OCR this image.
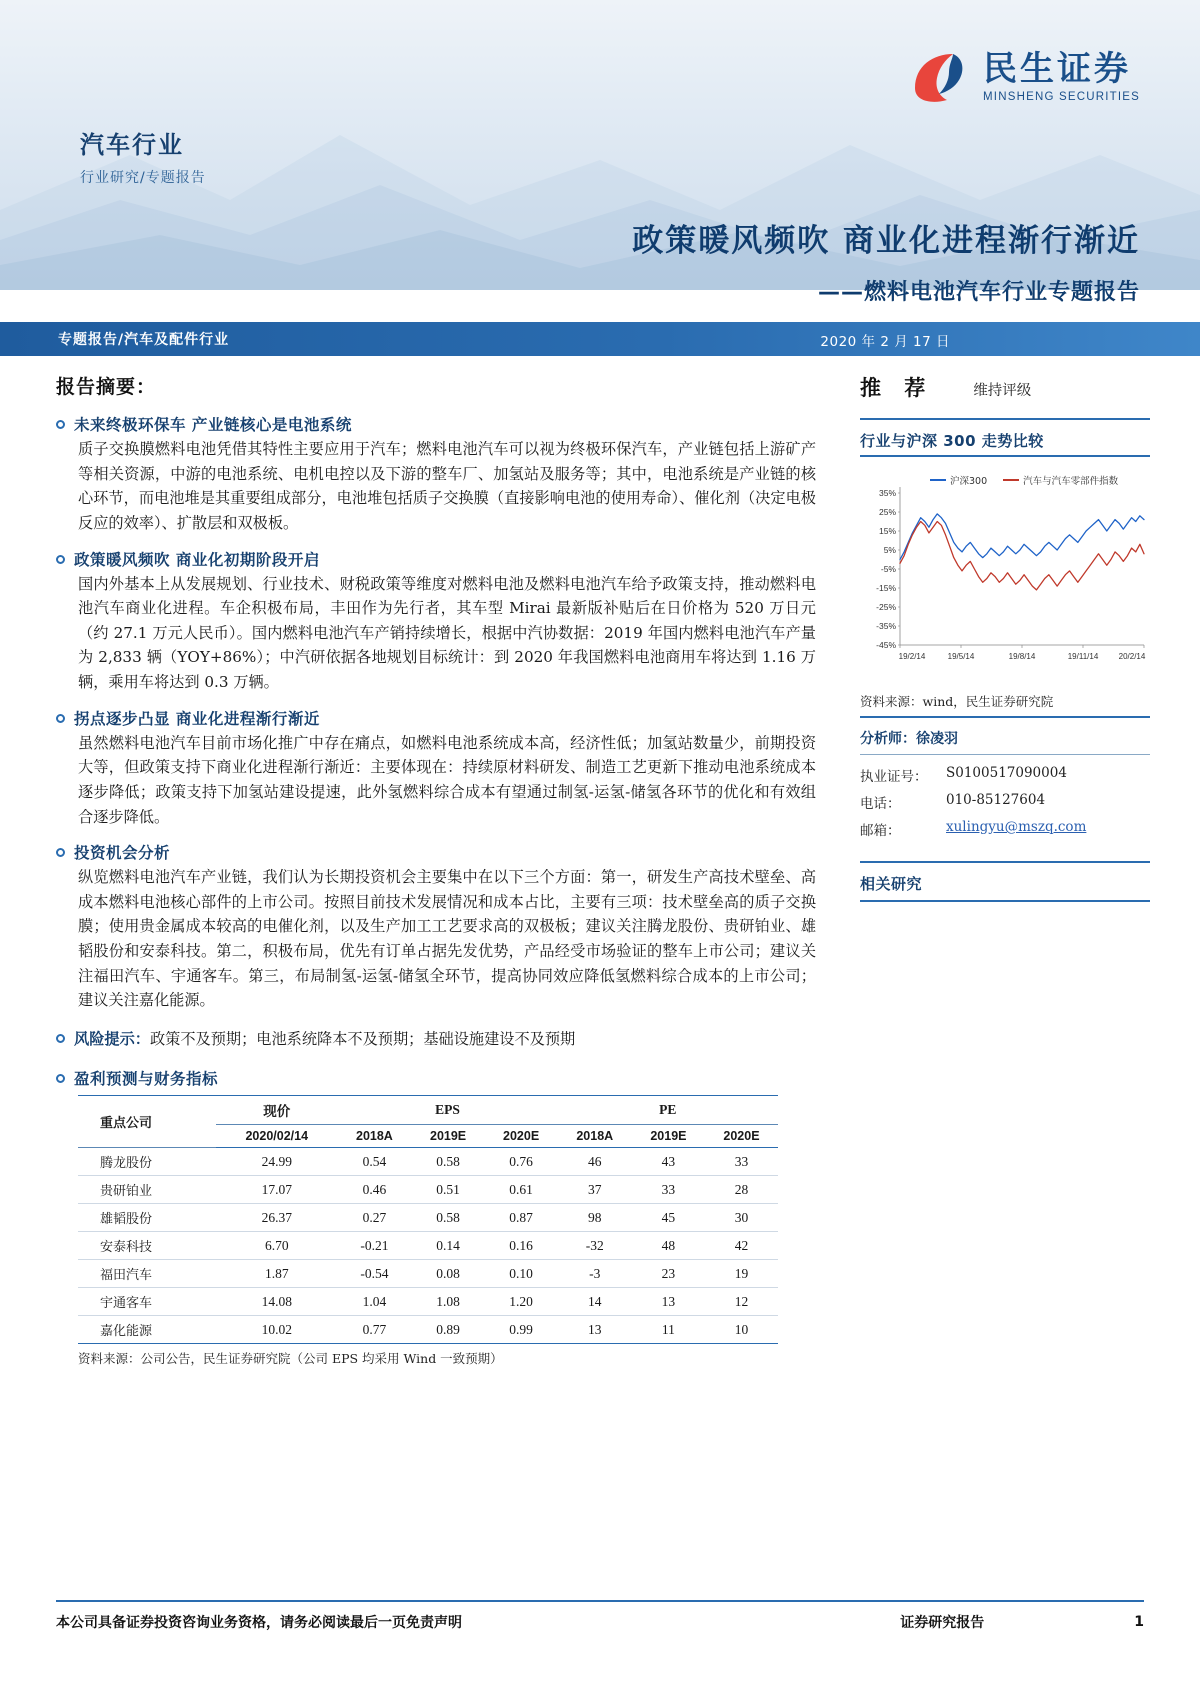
民生证券
MINSHENG SECURITIES
汽车行业
行业研究/专题报告
政策暖风频吹 商业化进程渐行渐近
——燃料电池汽车行业专题报告
专题报告/汽车及配件行业	2020 年 2 月 17 日
报告摘要：
未来终极环保车 产业链核心是电池系统
质子交换膜燃料电池凭借其特性主要应用于汽车；燃料电池汽车可以视为终极环保汽车，产业链包括上游矿产等相关资源，中游的电池系统、电机电控以及下游的整车厂、加氢站及服务等；其中，电池系统是产业链的核心环节，而电池堆是其重要组成部分，电池堆包括质子交换膜（直接影响电池的使用寿命）、催化剂（决定电极反应的效率）、扩散层和双极板。
政策暖风频吹 商业化初期阶段开启
国内外基本上从发展规划、行业技术、财税政策等维度对燃料电池及燃料电池汽车给予政策支持，推动燃料电池汽车商业化进程。车企积极布局，丰田作为先行者，其车型 Mirai 最新版补贴后在日价格为 520 万日元（约 27.1 万元人民币）。国内燃料电池汽车产销持续增长，根据中汽协数据：2019 年国内燃料电池汽车产量为 2,833 辆（YOY+86%）；中汽研依据各地规划目标统计：到 2020 年我国燃料电池商用车将达到 1.16 万辆，乘用车将达到 0.3 万辆。
拐点逐步凸显 商业化进程渐行渐近
虽然燃料电池汽车目前市场化推广中存在痛点，如燃料电池系统成本高，经济性低；加氢站数量少，前期投资大等，但政策支持下商业化进程渐行渐近：主要体现在：持续原材料研发、制造工艺更新下推动电池系统成本逐步降低；政策支持下加氢站建设提速，此外氢燃料综合成本有望通过制氢-运氢-储氢各环节的优化和有效组合逐步降低。
投资机会分析
纵览燃料电池汽车产业链，我们认为长期投资机会主要集中在以下三个方面：第一，研发生产高技术壁垒、高成本燃料电池核心部件的上市公司。按照目前技术发展情况和成本占比，主要有三项：技术壁垒高的质子交换膜；使用贵金属成本较高的电催化剂，以及生产加工工艺要求高的双极板；建议关注腾龙股份、贵研铂业、雄韬股份和安泰科技。第二，积极布局，优先有订单占据先发优势，产品经受市场验证的整车上市公司；建议关注福田汽车、宇通客车。第三，布局制氢-运氢-储氢全环节，提高协同效应降低氢燃料综合成本的上市公司；建议关注嘉化能源。
风险提示：政策不及预期；电池系统降本不及预期；基础设施建设不及预期
盈利预测与财务指标
重点公司	现价	EPS			PE		
	2020/02/14	2018A	2019E	2020E	2018A	2019E	2020E
腾龙股份	24.99	0.54	0.58	0.76	46	43	33
贵研铂业	17.07	0.46	0.51	0.61	37	33	28
雄韬股份	26.37	0.27	0.58	0.87	98	45	30
安泰科技	6.70	-0.21	0.14	0.16	-32	48	42
福田汽车	1.87	-0.54	0.08	0.10	-3	23	19
宇通客车	14.08	1.04	1.08	1.20	14	13	12
嘉化能源	10.02	0.77	0.89	0.99	13	11	10
资料来源：公司公告，民生证券研究院（公司 EPS 均采用 Wind 一致预期）
推 荐	维持评级
行业与沪深 300 走势比较
沪深300	汽车与汽车零部件指数
35%
25%
15%
5%
-5%
-15%
-25%
-35%
-45%
19/2/14	19/5/14	19/8/14	19/11/14	20/2/14
资料来源：wind，民生证券研究院
分析师：徐凌羽
执业证号：	S0100517090004
电话：	010-85127604
邮箱：	xulingyu@mszq.com
相关研究
本公司具备证券投资咨询业务资格，请务必阅读最后一页免责声明	证券研究报告	1
